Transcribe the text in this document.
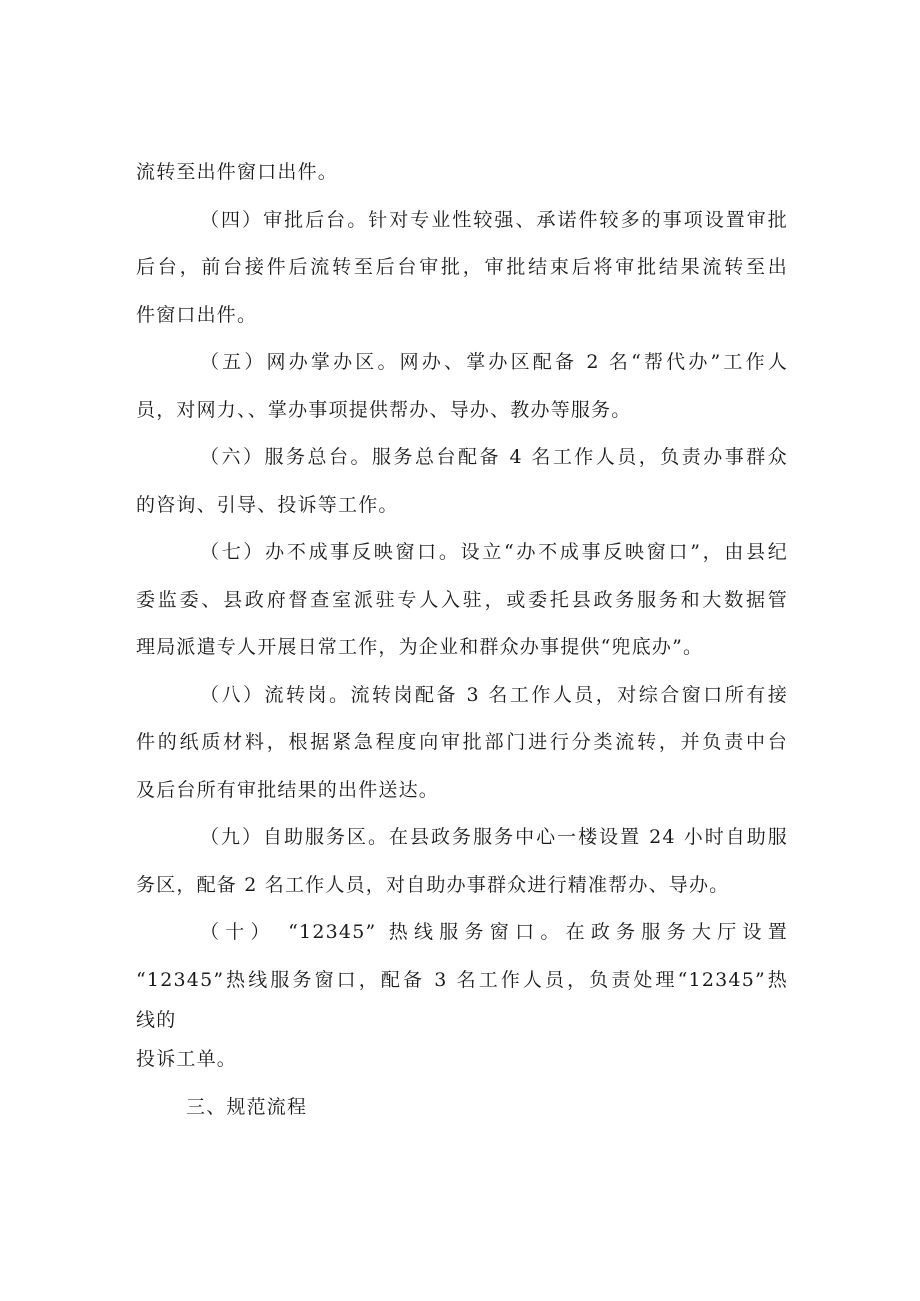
流转至出件窗口出件。
（四）审批后台。针对专业性较强、承诺件较多的事项设置审批
后台，前台接件后流转至后台审批，审批结束后将审批结果流转至出
件窗口出件。
（五）网办掌办区。网办、掌办区配备 2 名“帮代办”工作人
员，对网力、、掌办事项提供帮办、导办、教办等服务。
（六）服务总台。服务总台配备 4 名工作人员，负责办事群众
的咨询、引导、投诉等工作。
（七）办不成事反映窗口。设立“办不成事反映窗口”，由县纪
委监委、县政府督查室派驻专人入驻，或委托县政务服务和大数据管
理局派遣专人开展日常工作，为企业和群众办事提供“兜底办”。
（八）流转岗。流转岗配备 3 名工作人员，对综合窗口所有接
件的纸质材料，根据紧急程度向审批部门进行分类流转，并负责中台
及后台所有审批结果的出件送达。
（九）自助服务区。在县政务服务中心一楼设置 24 小时自助服
务区，配备 2 名工作人员，对自助办事群众进行精准帮办、导办。
（十） “12345” 热线服务窗口。在政务服务大厅设置
“12345”热线服务窗口，配备 3 名工作人员，负责处理“12345”热
线的
投诉工单。
三、规范流程
